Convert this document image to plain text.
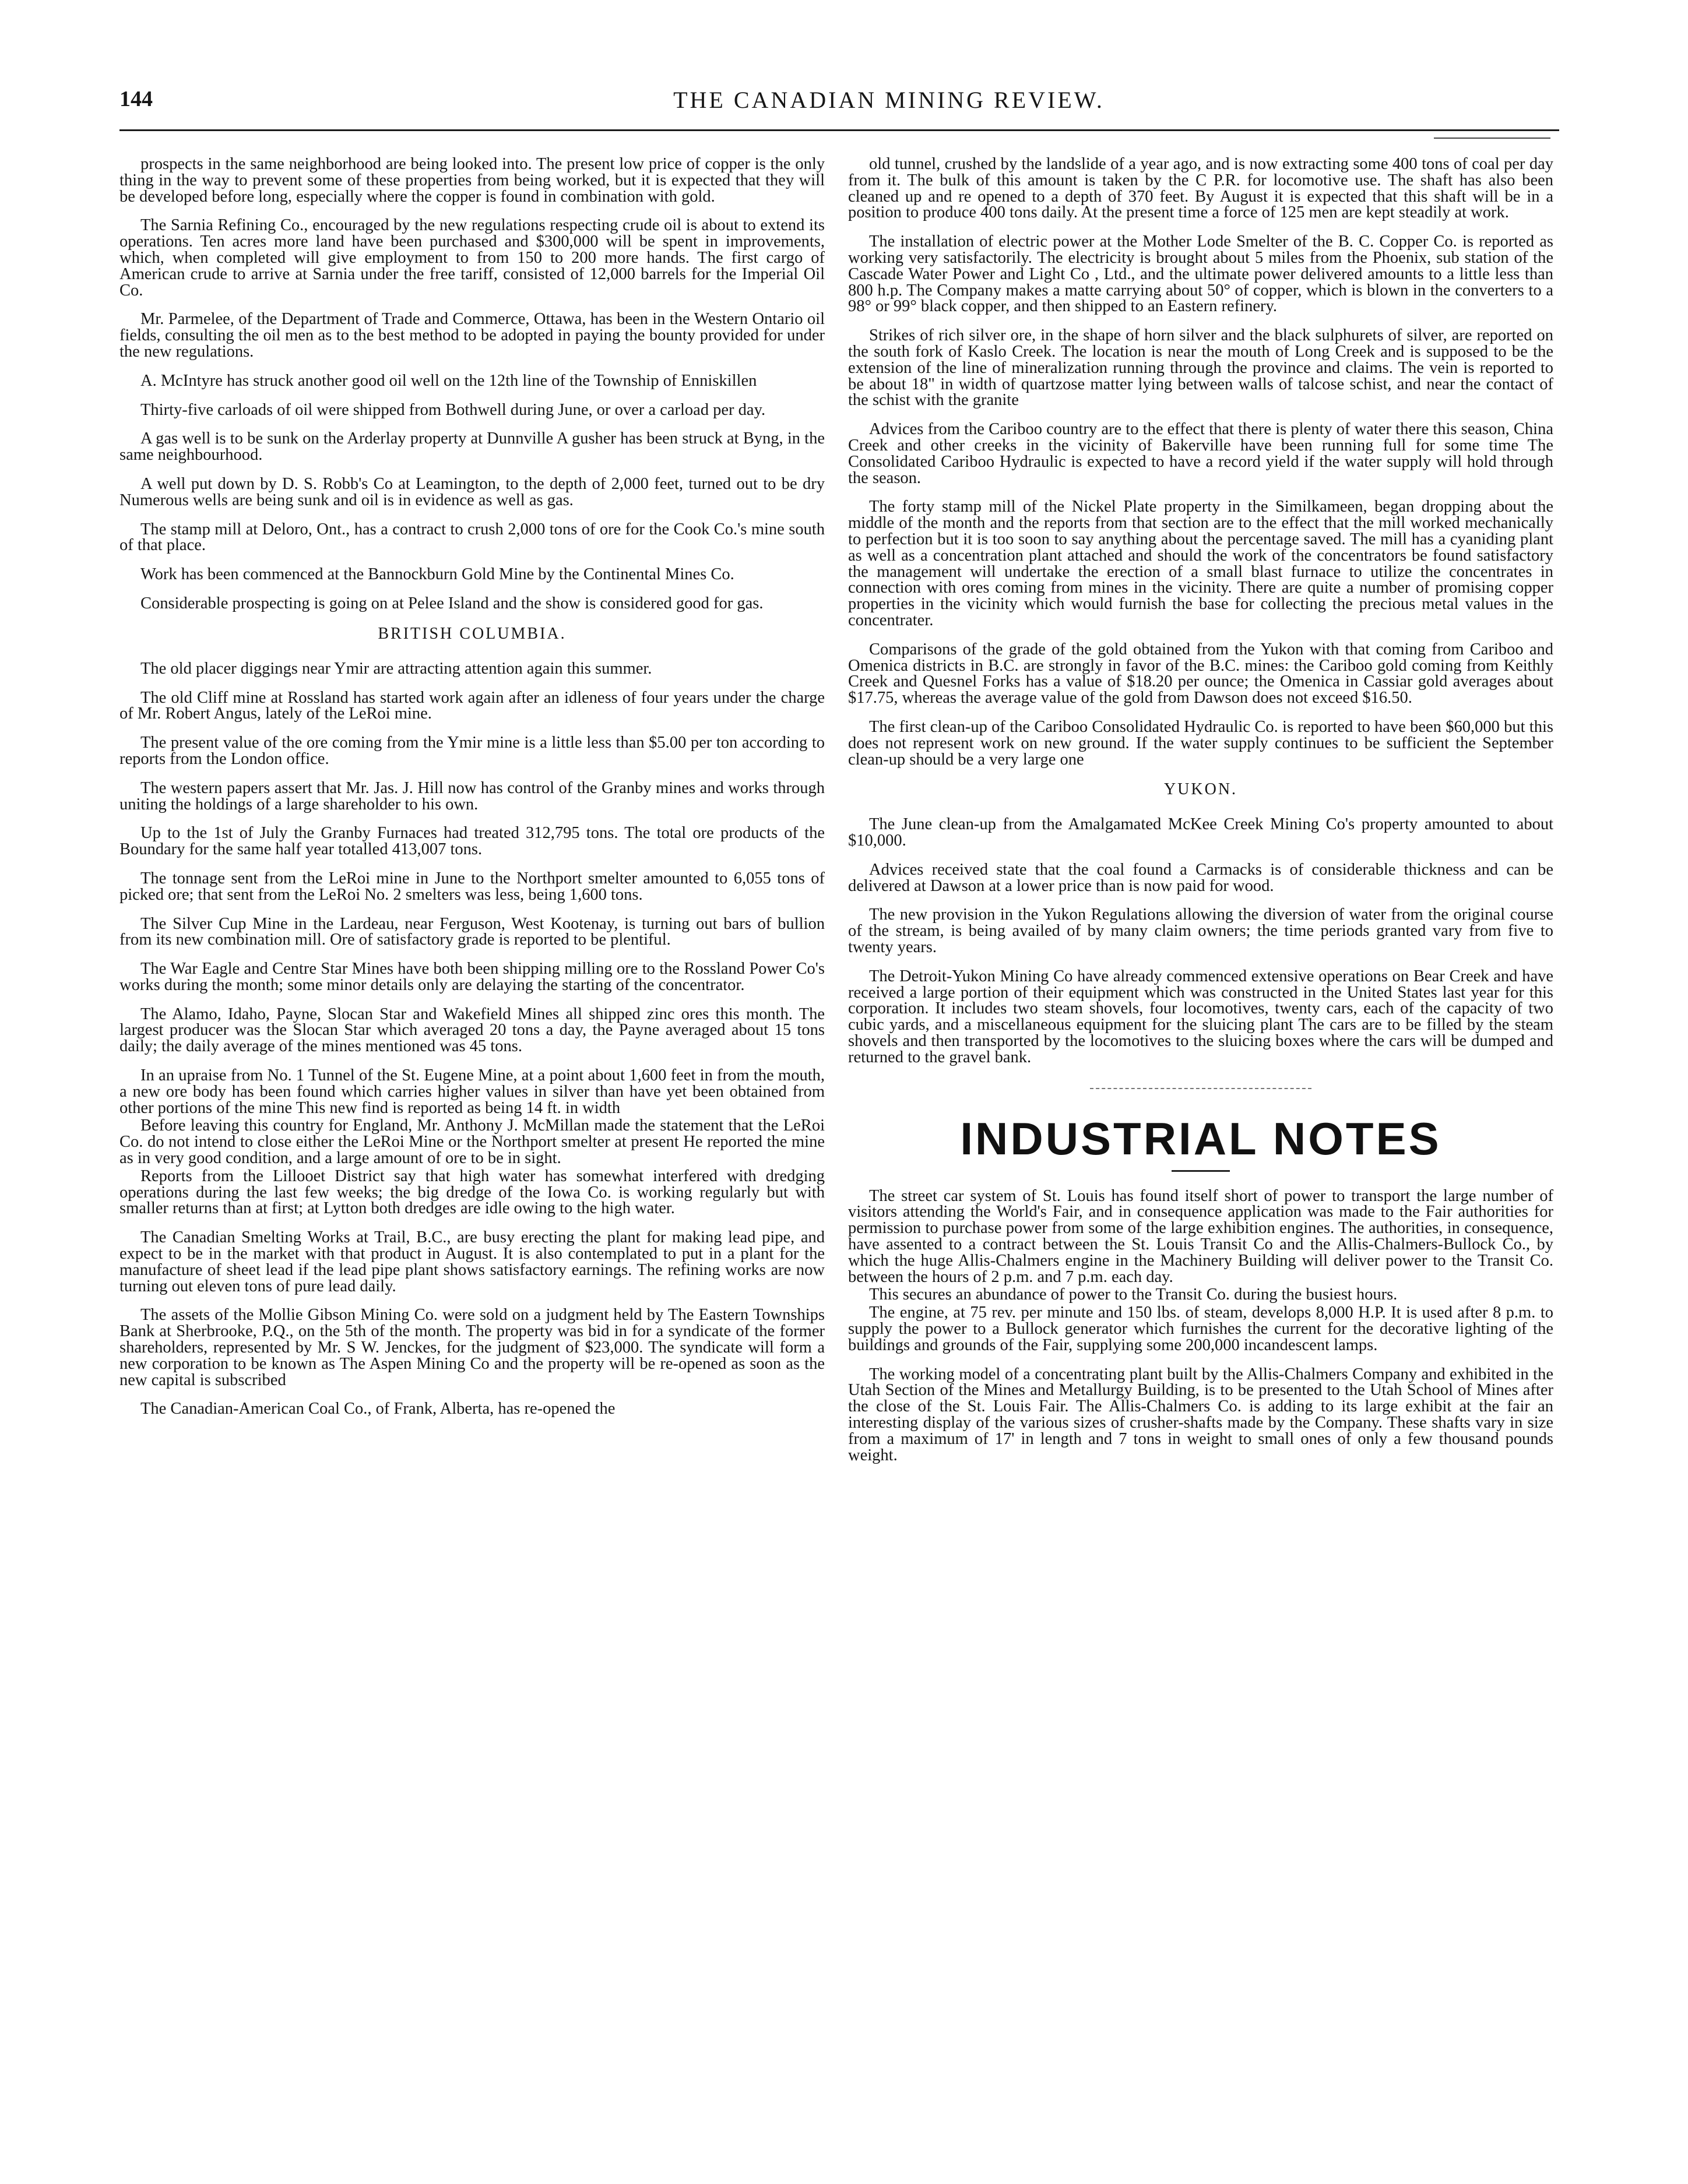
144	THE CANADIAN MINING REVIEW.

prospects in the same neighborhood are being looked into. The present low price of copper is the only thing in the way to prevent some of these properties from being worked, but it is expected that they will be developed before long, especially where the copper is found in combination with gold.

The Sarnia Refining Co., encouraged by the new regulations respecting crude oil is about to extend its operations. Ten acres more land have been purchased and $300,000 will be spent in improvements, which, when completed will give employment to from 150 to 200 more hands. The first cargo of American crude to arrive at Sarnia under the free tariff, consisted of 12,000 barrels for the Imperial Oil Co.

Mr. Parmelee, of the Department of Trade and Commerce, Ottawa, has been in the Western Ontario oil fields, consulting the oil men as to the best method to be adopted in paying the bounty provided for under the new regulations.

A. McIntyre has struck another good oil well on the 12th line of the Township of Enniskillen

Thirty-five carloads of oil were shipped from Bothwell during June, or over a carload per day.

A gas well is to be sunk on the Arderlay property at Dunnville A gusher has been struck at Byng, in the same neighbourhood.

A well put down by D. S. Robb's Co at Leamington, to the depth of 2,000 feet, turned out to be dry Numerous wells are being sunk and oil is in evidence as well as gas.

The stamp mill at Deloro, Ont., has a contract to crush 2,000 tons of ore for the Cook Co.'s mine south of that place.

Work has been commenced at the Bannockburn Gold Mine by the Continental Mines Co.

Considerable prospecting is going on at Pelee Island and the show is considered good for gas.

BRITISH COLUMBIA.

The old placer diggings near Ymir are attracting attention again this summer.

The old Cliff mine at Rossland has started work again after an idleness of four years under the charge of Mr. Robert Angus, lately of the LeRoi mine.

The present value of the ore coming from the Ymir mine is a little less than $5.00 per ton according to reports from the London office.

The western papers assert that Mr. Jas. J. Hill now has control of the Granby mines and works through uniting the holdings of a large shareholder to his own.

Up to the 1st of July the Granby Furnaces had treated 312,795 tons. The total ore products of the Boundary for the same half year totalled 413,007 tons.

The tonnage sent from the LeRoi mine in June to the Northport smelter amounted to 6,055 tons of picked ore; that sent from the LeRoi No. 2 smelters was less, being 1,600 tons.

The Silver Cup Mine in the Lardeau, near Ferguson, West Kootenay, is turning out bars of bullion from its new combination mill. Ore of satisfactory grade is reported to be plentiful.

The War Eagle and Centre Star Mines have both been shipping milling ore to the Rossland Power Co's works during the month; some minor details only are delaying the starting of the concentrator.

The Alamo, Idaho, Payne, Slocan Star and Wakefield Mines all shipped zinc ores this month. The largest producer was the Slocan Star which averaged 20 tons a day, the Payne averaged about 15 tons daily; the daily average of the mines mentioned was 45 tons.

In an upraise from No. 1 Tunnel of the St. Eugene Mine, at a point about 1,600 feet in from the mouth, a new ore body has been found which carries higher values in silver than have yet been obtained from other portions of the mine This new find is reported as being 14 ft. in width

Before leaving this country for England, Mr. Anthony J. McMillan made the statement that the LeRoi Co. do not intend to close either the LeRoi Mine or the Northport smelter at present He reported the mine as in very good condition, and a large amount of ore to be in sight.

Reports from the Lillooet District say that high water has somewhat interfered with dredging operations during the last few weeks; the big dredge of the Iowa Co. is working regularly but with smaller returns than at first; at Lytton both dredges are idle owing to the high water.

The Canadian Smelting Works at Trail, B.C., are busy erecting the plant for making lead pipe, and expect to be in the market with that product in August. It is also contemplated to put in a plant for the manufacture of sheet lead if the lead pipe plant shows satisfactory earnings. The refining works are now turning out eleven tons of pure lead daily.

The assets of the Mollie Gibson Mining Co. were sold on a judgment held by The Eastern Townships Bank at Sherbrooke, P.Q., on the 5th of the month. The property was bid in for a syndicate of the former shareholders, represented by Mr. S W. Jenckes, for the judgment of $23,000. The syndicate will form a new corporation to be known as The Aspen Mining Co and the property will be re-opened as soon as the new capital is subscribed

The Canadian-American Coal Co., of Frank, Alberta, has re-opened the

old tunnel, crushed by the landslide of a year ago, and is now extracting some 400 tons of coal per day from it. The bulk of this amount is taken by the C P.R. for locomotive use. The shaft has also been cleaned up and re opened to a depth of 370 feet. By August it is expected that this shaft will be in a position to produce 400 tons daily. At the present time a force of 125 men are kept steadily at work.

The installation of electric power at the Mother Lode Smelter of the B. C. Copper Co. is reported as working very satisfactorily. The electricity is brought about 5 miles from the Phoenix, sub station of the Cascade Water Power and Light Co , Ltd., and the ultimate power delivered amounts to a little less than 800 h.p. The Company makes a matte carrying about 50° of copper, which is blown in the converters to a 98° or 99° black copper, and then shipped to an Eastern refinery.

Strikes of rich silver ore, in the shape of horn silver and the black sulphurets of silver, are reported on the south fork of Kaslo Creek. The location is near the mouth of Long Creek and is supposed to be the extension of the line of mineralization running through the province and claims. The vein is reported to be about 18" in width of quartzose matter lying between walls of talcose schist, and near the contact of the schist with the granite

Advices from the Cariboo country are to the effect that there is plenty of water there this season, China Creek and other creeks in the vicinity of Bakerville have been running full for some time The Consolidated Cariboo Hydraulic is expected to have a record yield if the water supply will hold through the season.

The forty stamp mill of the Nickel Plate property in the Similkameen, began dropping about the middle of the month and the reports from that section are to the effect that the mill worked mechanically to perfection but it is too soon to say anything about the percentage saved. The mill has a cyaniding plant as well as a concentration plant attached and should the work of the concentrators be found satisfactory the management will undertake the erection of a small blast furnace to utilize the concentrates in connection with ores coming from mines in the vicinity. There are quite a number of promising copper properties in the vicinity which would furnish the base for collecting the precious metal values in the concentrater.

Comparisons of the grade of the gold obtained from the Yukon with that coming from Cariboo and Omenica districts in B.C. are strongly in favor of the B.C. mines: the Cariboo gold coming from Keithly Creek and Quesnel Forks has a value of $18.20 per ounce; the Omenica in Cassiar gold averages about $17.75, whereas the average value of the gold from Dawson does not exceed $16.50.

The first clean-up of the Cariboo Consolidated Hydraulic Co. is reported to have been $60,000 but this does not represent work on new ground. If the water supply continues to be sufficient the September clean-up should be a very large one

YUKON.

The June clean-up from the Amalgamated McKee Creek Mining Co's property amounted to about $10,000.

Advices received state that the coal found a Carmacks is of considerable thickness and can be delivered at Dawson at a lower price than is now paid for wood.

The new provision in the Yukon Regulations allowing the diversion of water from the original course of the stream, is being availed of by many claim owners; the time periods granted vary from five to twenty years.

The Detroit-Yukon Mining Co have already commenced extensive operations on Bear Creek and have received a large portion of their equipment which was constructed in the United States last year for this corporation. It includes two steam shovels, four locomotives, twenty cars, each of the capacity of two cubic yards, and a miscellaneous equipment for the sluicing plant The cars are to be filled by the steam shovels and then transported by the locomotives to the sluicing boxes where the cars will be dumped and returned to the gravel bank.

INDUSTRIAL NOTES

The street car system of St. Louis has found itself short of power to transport the large number of visitors attending the World's Fair, and in consequence application was made to the Fair authorities for permission to purchase power from some of the large exhibition engines. The authorities, in consequence, have assented to a contract between the St. Louis Transit Co and the Allis-Chalmers-Bullock Co., by which the huge Allis-Chalmers engine in the Machinery Building will deliver power to the Transit Co. between the hours of 2 p.m. and 7 p.m. each day.

This secures an abundance of power to the Transit Co. during the busiest hours.

The engine, at 75 rev. per minute and 150 lbs. of steam, develops 8,000 H.P. It is used after 8 p.m. to supply the power to a Bullock generator which furnishes the current for the decorative lighting of the buildings and grounds of the Fair, supplying some 200,000 incandescent lamps.

The working model of a concentrating plant built by the Allis-Chalmers Company and exhibited in the Utah Section of the Mines and Metallurgy Building, is to be presented to the Utah School of Mines after the close of the St. Louis Fair. The Allis-Chalmers Co. is adding to its large exhibit at the fair an interesting display of the various sizes of crusher-shafts made by the Company. These shafts vary in size from a maximum of 17' in length and 7 tons in weight to small ones of only a few thousand pounds weight.
